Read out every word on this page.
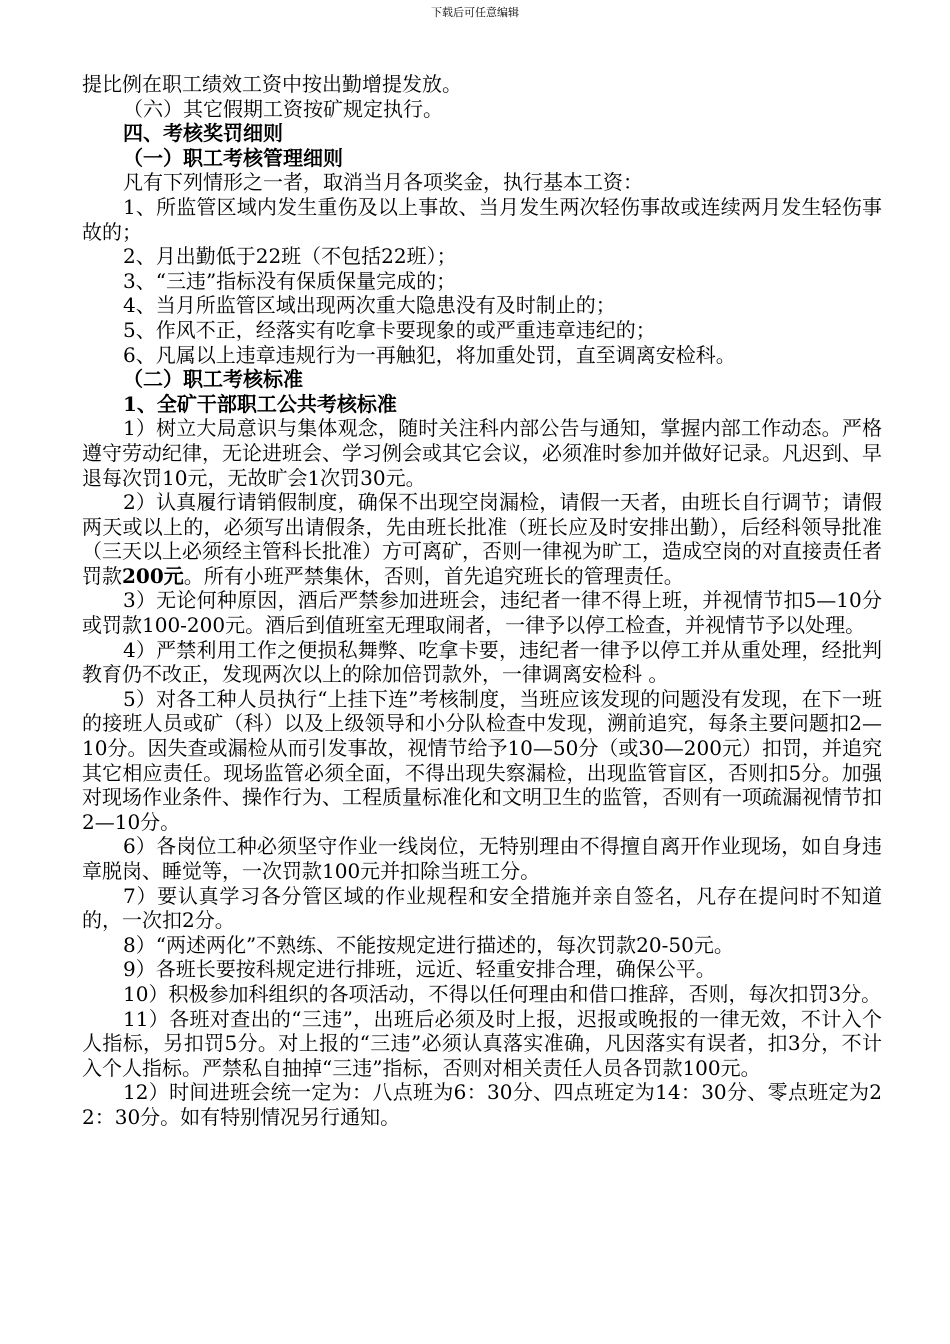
下载后可任意编辑

提比例在职工绩效工资中按出勤增提发放。

（六）其它假期工资按矿规定执行。

四、考核奖罚细则

（一）职工考核管理细则

凡有下列情形之一者，取消当月各项奖金，执行基本工资：

1、所监管区域内发生重伤及以上事故、当月发生两次轻伤事故或连续两月发生轻伤事故的；

2、月出勤低于22班（不包括22班）；

3、“三违”指标没有保质保量完成的；

4、当月所监管区域出现两次重大隐患没有及时制止的；

5、作风不正，经落实有吃拿卡要现象的或严重违章违纪的；

6、凡属以上违章违规行为一再触犯，将加重处罚，直至调离安检科。

（二）职工考核标准

1、全矿干部职工公共考核标准

1）树立大局意识与集体观念，随时关注科内部公告与通知，掌握内部工作动态。严格遵守劳动纪律，无论进班会、学习例会或其它会议，必须准时参加并做好记录。凡迟到、早退每次罚10元，无故旷会1次罚30元。

2）认真履行请销假制度，确保不出现空岗漏检，请假一天者，由班长自行调节；请假两天或以上的，必须写出请假条，先由班长批准（班长应及时安排出勤），后经科领导批准（三天以上必须经主管科长批准）方可离矿，否则一律视为旷工，造成空岗的对直接责任者罚款200元。所有小班严禁集休，否则，首先追究班长的管理责任。

3）无论何种原因，酒后严禁参加进班会，违纪者一律不得上班，并视情节扣5—10分或罚款100-200元。酒后到值班室无理取闹者，一律予以停工检查，并视情节予以处理。

4）严禁利用工作之便损私舞弊、吃拿卡要，违纪者一律予以停工并从重处理，经批判教育仍不改正，发现两次以上的除加倍罚款外，一律调离安检科 。

5）对各工种人员执行“上挂下连”考核制度，当班应该发现的问题没有发现，在下一班的接班人员或矿（科）以及上级领导和小分队检查中发现，溯前追究，每条主要问题扣2—10分。因失查或漏检从而引发事故，视情节给予10—50分（或30—200元）扣罚，并追究其它相应责任。现场监管必须全面，不得出现失察漏检，出现监管盲区，否则扣5分。加强对现场作业条件、操作行为、工程质量标准化和文明卫生的监管，否则有一项疏漏视情节扣2—10分。

6）各岗位工种必须坚守作业一线岗位，无特别理由不得擅自离开作业现场，如自身违章脱岗、睡觉等，一次罚款100元并扣除当班工分。

7）要认真学习各分管区域的作业规程和安全措施并亲自签名，凡存在提问时不知道的，一次扣2分。

8）“两述两化”不熟练、不能按规定进行描述的，每次罚款20-50元。

9）各班长要按科规定进行排班，远近、轻重安排合理，确保公平。

10）积极参加科组织的各项活动，不得以任何理由和借口推辞，否则，每次扣罚3分。

11）各班对查出的“三违”，出班后必须及时上报，迟报或晚报的一律无效，不计入个人指标，另扣罚5分。对上报的“三违”必须认真落实准确，凡因落实有误者，扣3分，不计入个人指标。严禁私自抽掉“三违”指标，否则对相关责任人员各罚款100元。

12）时间进班会统一定为：八点班为6：30分、四点班定为14：30分、零点班定为22：30分。如有特别情况另行通知。
